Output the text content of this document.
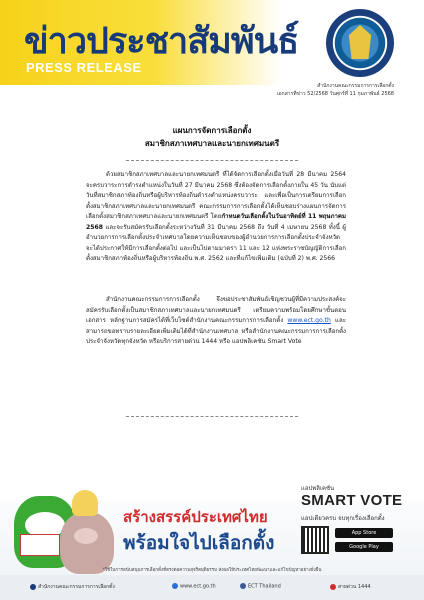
ข่าวประชาสัมพันธ์
PRESS RELEASE
สำนักงานคณะกรรมการการเลือกตั้ง
เอกสารที่ข่าว 52/2568 วันศุกร์ที่ 11 กุมภาพันธ์ 2568
แผนการจัดการเลือกตั้ง
สมาชิกสภาเทศบาลและนายกเทศมนตรี
ด้วยสมาชิกสภาเทศบาลและนายกเทศมนตรี ที่ได้จัดการเลือกตั้งเมื่อวันที่ 28 มีนาคม 2564 จะครบวาระการดำรงตำแหน่งในวันที่ 27 มีนาคม 2568 ซึ่งต้องจัดการเลือกตั้งภายใน 45 วัน นับแต่วันที่สมาชิกสภาท้องถิ่นหรือผู้บริหารท้องถิ่นดำรงตำแหน่งครบวาระ และเพื่อเป็นการเตรียมการเลือกตั้งสมาชิกสภาเทศบาลและนายกเทศมนตรี คณะกรรมการการเลือกตั้งได้เห็นชอบร่างแผนการจัดการเลือกตั้งสมาชิกสภาเทศบาลและนายกเทศมนตรี โดยกำหนดวันเลือกตั้งในวันอาทิตย์ที่ 11 พฤษภาคม 2568 และจะรับสมัครรับเลือกตั้งระหว่างวันที่ 31 มีนาคม 2568 ถึง วันที่ 4 เมษายน 2568 ทั้งนี้ ผู้อำนวยการการเลือกตั้งประจำเทศบาลโดยความเห็นชอบของผู้อำนวยการการเลือกตั้งประจำจังหวัด จะได้ประกาศให้มีการเลือกตั้งต่อไป และเป็นไปตามมาตรา 11 และ 12 แห่งพระราชบัญญัติการเลือกตั้งสมาชิกสภาท้องถิ่นหรือผู้บริหารท้องถิ่น พ.ศ. 2562 และที่แก้ไขเพิ่มเติม (ฉบับที่ 2) พ.ศ. 2566
สำนักงานคณะกรรมการการเลือกตั้ง จึงขอประชาสัมพันธ์เชิญชวนผู้ที่มีความประสงค์จะสมัครรับเลือกตั้งเป็นสมาชิกสภาเทศบาลและนายกเทศมนตรี เตรียมความพร้อมโดยศึกษาขั้นตอน เอกสาร หลักฐานการสมัครได้ที่เว็บไซต์สำนักงานคณะกรรมการการเลือกตั้ง www.ect.go.th และสามารถขอทราบรายละเอียดเพิ่มเติมได้ที่สำนักงานเทศบาล หรือสำนักงานคณะกรรมการการเลือกตั้งประจำจังหวัดทุกจังหวัด หรือบริการสายด่วน 1444 หรือ แอปพลิเคชัน Smart Vote
สร้างสรรค์ประเทศไทย
พร้อมใจไปเลือกตั้ง
แอปพลิเคชัน
SMART VOTE
แอปเดียวครบ จบทุกเรื่องเลือกตั้ง
App Store
Google Play
*ใช้ในการสนับสนุนการเลือกตั้งที่ตรงต่อความสุจริตยุติธรรม ส่งผลให้ประเทศไทยพัฒนาและแก้ไขปัญหาอย่างยั่งยืน
สำนักงานคณะกรรมการการเลือกตั้ง	www.ect.go.th	ECT Thailand	สายด่วน 1444
